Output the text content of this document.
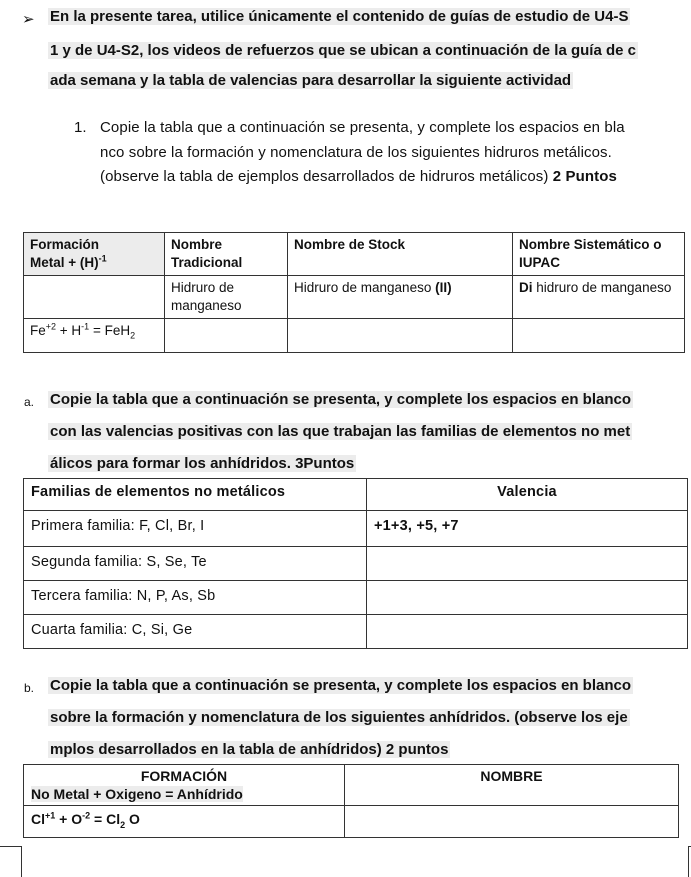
➢ En la presente tarea, utilice únicamente el contenido de guías de estudio de U4-S
1 y de U4-S2, los videos de refuerzos que se ubican a continuación de la guía de c
ada semana y la tabla de valencias para desarrollar la siguiente actividad
1. Copie la tabla que a continuación se presenta, y complete los espacios en bla
nco sobre la formación y nomenclatura de los siguientes hidruros metálicos.
(observe la tabla de ejemplos desarrollados de hidruros metálicos) 2 Puntos
Formación
Metal + $(H)^{-1}$	Nombre Tradicional	Nombre de Stock	Nombre Sistemático o IUPAC
	Hidruro de manganeso	Hidruro de manganeso (II)	Di hidruro de manganeso
$Fe^{+2} + H^{-1} = FeH_2$			
a. Copie la tabla que a continuación se presenta, y complete los espacios en blanco
con las valencias positivas con las que trabajan las familias de elementos no met
álicos para formar los anhídridos. 3Puntos
Familias de elementos no metálicos	Valencia
Primera familia: F, Cl, Br, I	+1+3, +5, +7
Segunda familia: S, Se, Te	
Tercera familia: N, P, As, Sb	
Cuarta familia: C, Si, Ge	
b. Copie la tabla que a continuación se presenta, y complete los espacios en blanco
sobre la formación y nomenclatura de los siguientes anhídridos. (observe los eje
mplos desarrollados en la tabla de anhídridos) 2 puntos
FORMACIÓN
No Metal + Oxigeno = Anhídrido	NOMBRE
$Cl^{+1} + O^{-2} = Cl_2$ O	
